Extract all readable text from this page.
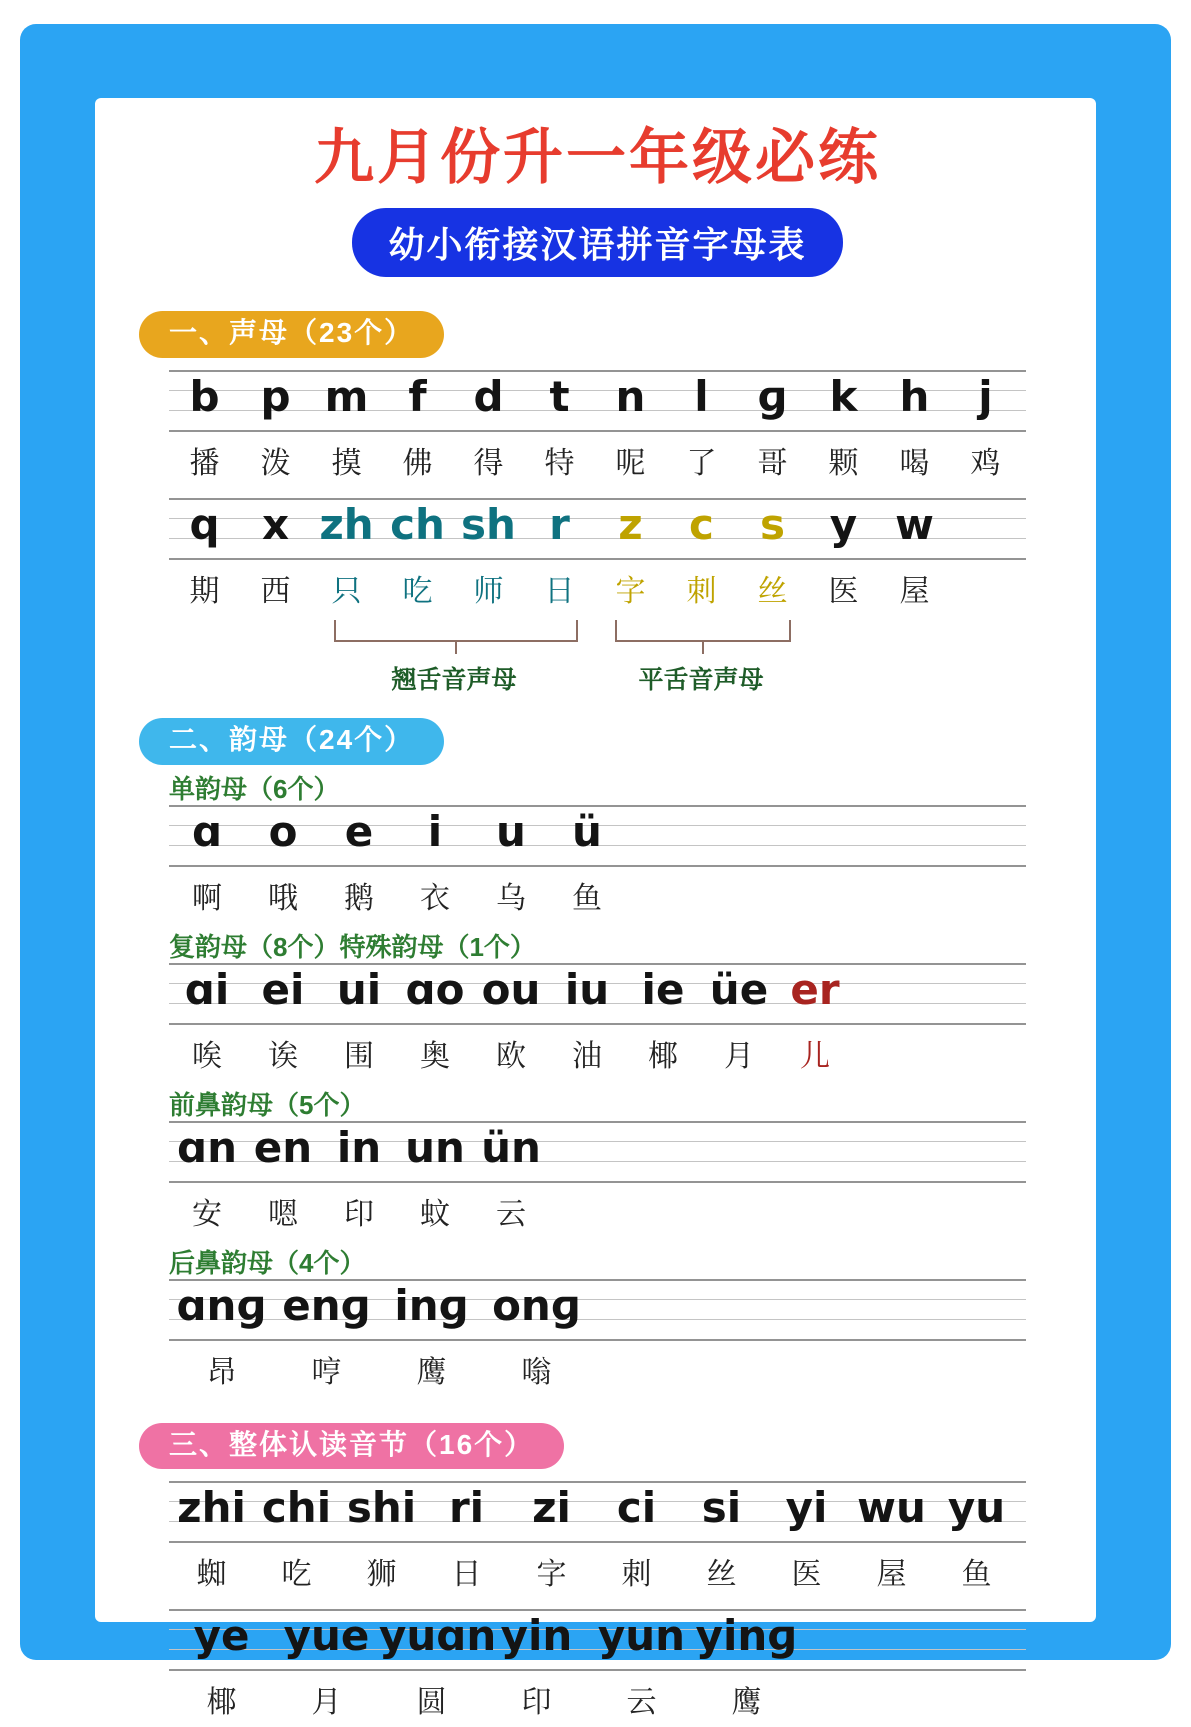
九月份升一年级必练
幼小衔接汉语拼音字母表
一、声母（23个）
b p m f	d	t	n	l	ɡ	k	h	j
播	泼	摸	佛	得	特	呢	了	哥	颗	喝	鸡
q	x zh ch sh r	z	c	s	y w
期	西	只	吃	师	日	字	刺	丝	医	屋
翘舌音声母	平舌音声母
二、韵母（24个）
单韵母（6个）
ɑ	o	e	i	u	ü
啊	哦	鹅	衣	乌	鱼
复韵母（8个）特殊韵母（1个）
ɑi ei ui ɑo ou iu ie üe er
唉	诶	围	奥	欧	油	椰	月	儿
前鼻韵母（5个）
ɑn en in un ün
安	嗯	印	蚊	云
后鼻韵母（4个）
ɑnɡ enɡ inɡ onɡ
昂	哼	鹰	嗡
三、整体认读音节（16个）
zhi chi shi ri	zi	ci	si	yi wu yu
蜘	吃	狮	日	字	刺	丝	医	屋	鱼
ye yue yuɑn yin yun yinɡ
椰	月	圆	印	云	鹰
